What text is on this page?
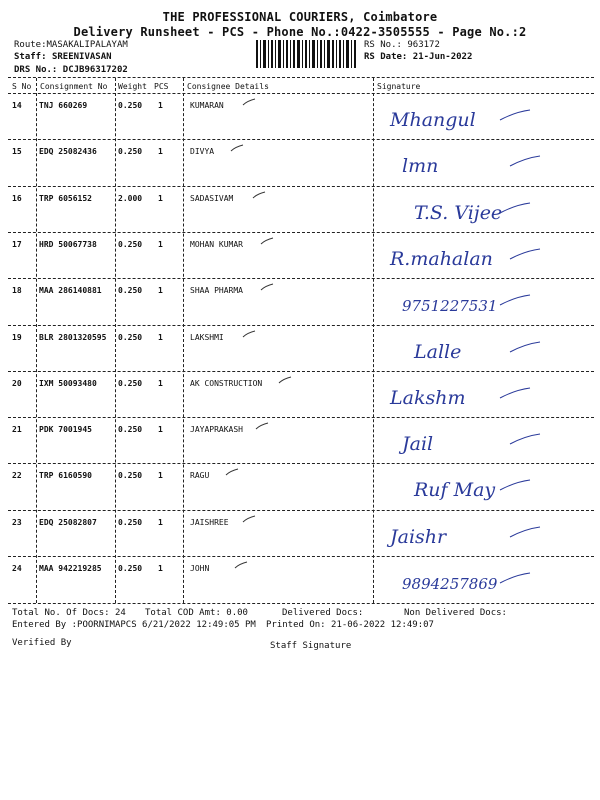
THE PROFESSIONAL COURIERS, Coimbatore
Delivery Runsheet - PCS - Phone No.:0422-3505555 - Page No.:2
Route:MASAKALIPALAYAM
Staff: SREENIVASAN
DRS No.: DCJB96317202
RS No.: 963172
RS Date: 21-Jun-2022
S No Consignment No Weight PCS Consignee Details	Signature
14 TNJ 660269	0.250 1	KUMARAN
Mhangul
15 EDQ 25082436	0.250 1	DIVYA
lmn
16 TRP 6056152	2.000 1	SADASIVAM
T.S. Vijee
17 HRD 50067738	0.250 1	MOHAN KUMAR
R.mahalan
18 MAA 286140881 0.250 1	SHAA PHARMA
9751227531
19 BLR 2801320595 0.250 1	LAKSHMI
Lalle
20 IXM 50093480	0.250 1	AK CONSTRUCTION
Lakshm
21 PDK 7001945	0.250 1	JAYAPRAKASH
Jail
22 TRP 6160590	0.250 1	RAGU
Ruf May
23 EDQ 25082807	0.250 1	JAISHREE
Jaishr
24 MAA 942219285 0.250 1	JOHN
9894257869
Total No. Of Docs: 24 Total COD Amt: 0.00	Delivered Docs:	Non Delivered Docs:
Entered By :POORNIMAPCS 6/21/2022 12:49:05 PM Printed On: 21-06-2022 12:49:07
Verified By	Staff Signature
